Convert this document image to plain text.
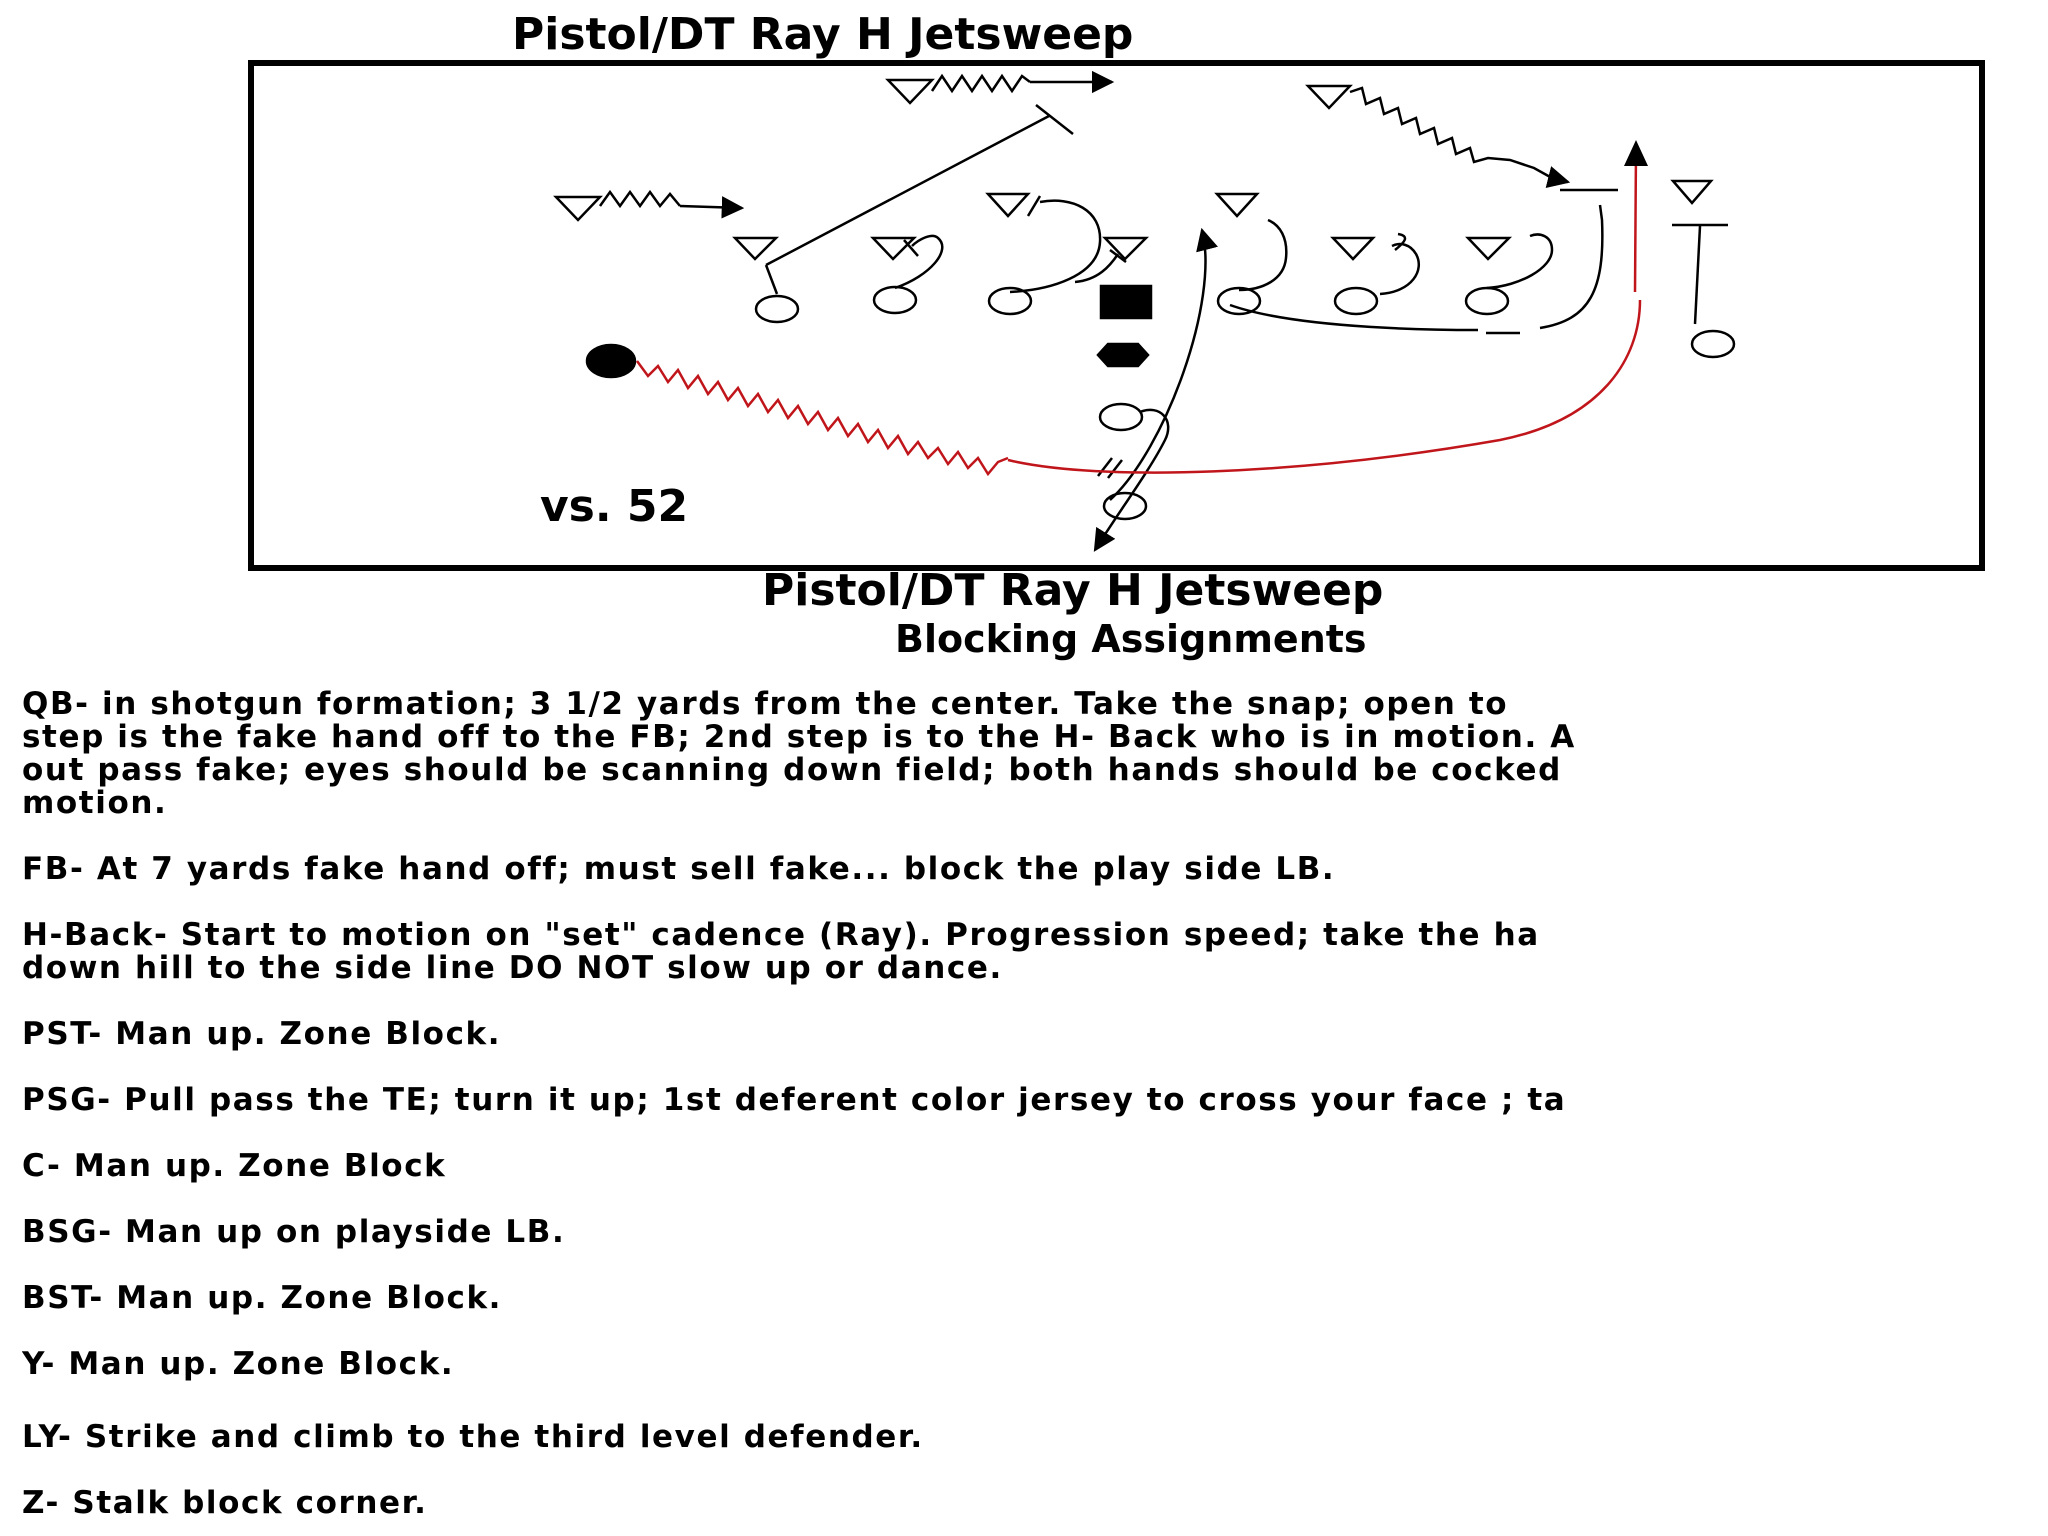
Pistol/DT Ray H Jetsweep
vs. 52
Pistol/DT Ray H Jetsweep
Blocking Assignments
QB- in shotgun formation; 3 1/2 yards from the center. Take the snap; open to
step is the fake hand off to the FB; 2nd step is to the H- Back who is in motion. A
out pass fake; eyes should be scanning down field; both hands should be cocked
motion.
FB- At 7 yards fake hand off; must sell fake... block the play side LB.
H-Back- Start to motion on "set" cadence (Ray). Progression speed; take the ha
down hill to the side line DO NOT slow up or dance.
PST- Man up. Zone Block.
PSG- Pull pass the TE; turn it up; 1st deferent color jersey to cross your face ; ta
C- Man up. Zone Block
BSG- Man up on playside LB.
BST- Man up. Zone Block.
Y- Man up. Zone Block.
LY- Strike and climb to the third level defender.
Z- Stalk block corner.
